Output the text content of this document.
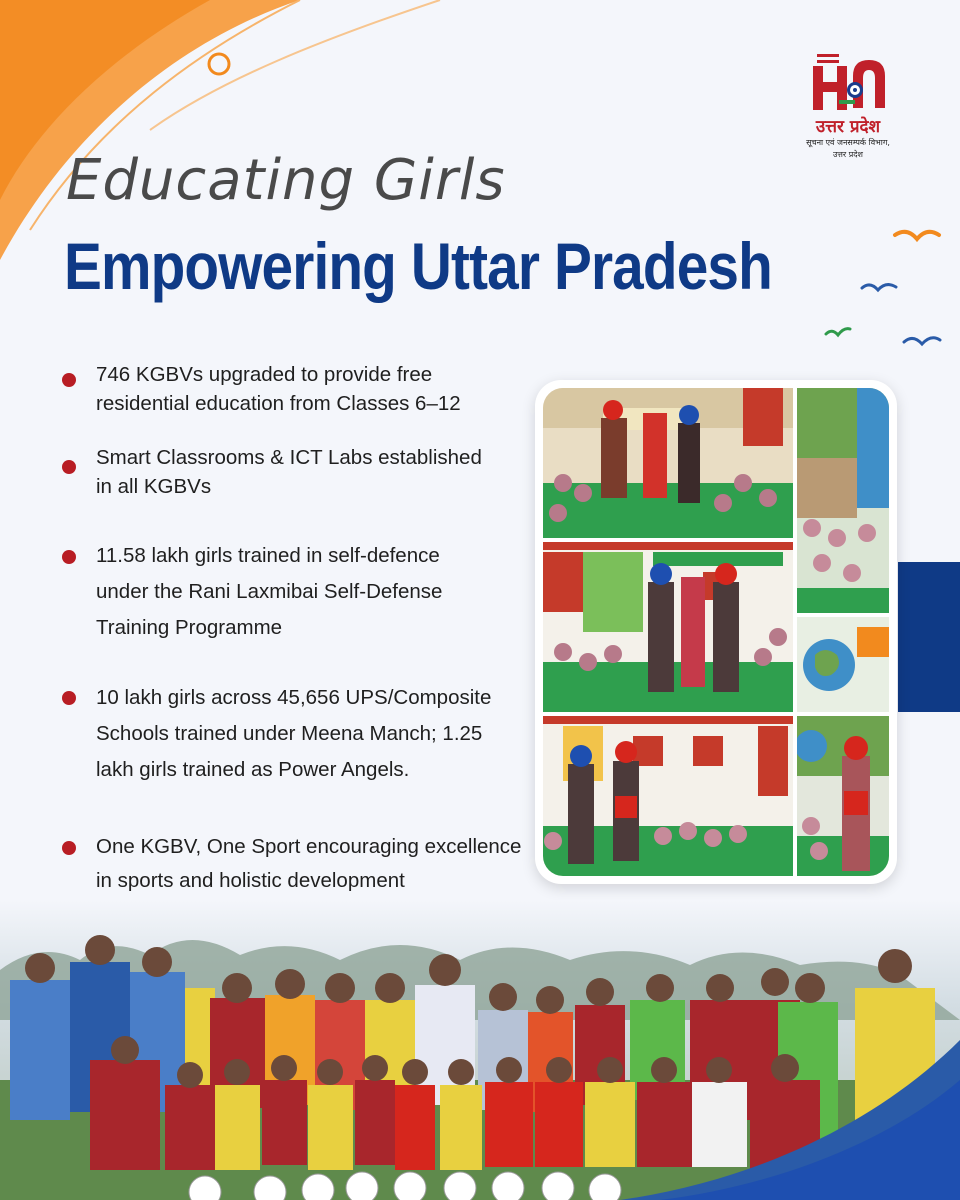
उत्तर प्रदेश
सूचना एवं जनसम्पर्क विभाग,
उत्तर प्रदेश
Educating Girls
Empowering Uttar Pradesh
746 KGBVs upgraded to provide free
residential education from Classes 6–12
Smart Classrooms & ICT Labs established
in all KGBVs
11.58 lakh girls trained in self-defence
under the Rani Laxmibai Self-Defense
Training Programme
10 lakh girls across 45,656 UPS/Composite
Schools trained under Meena Manch; 1.25
lakh girls trained as Power Angels.
One KGBV, One Sport encouraging excellence
in sports and holistic development
